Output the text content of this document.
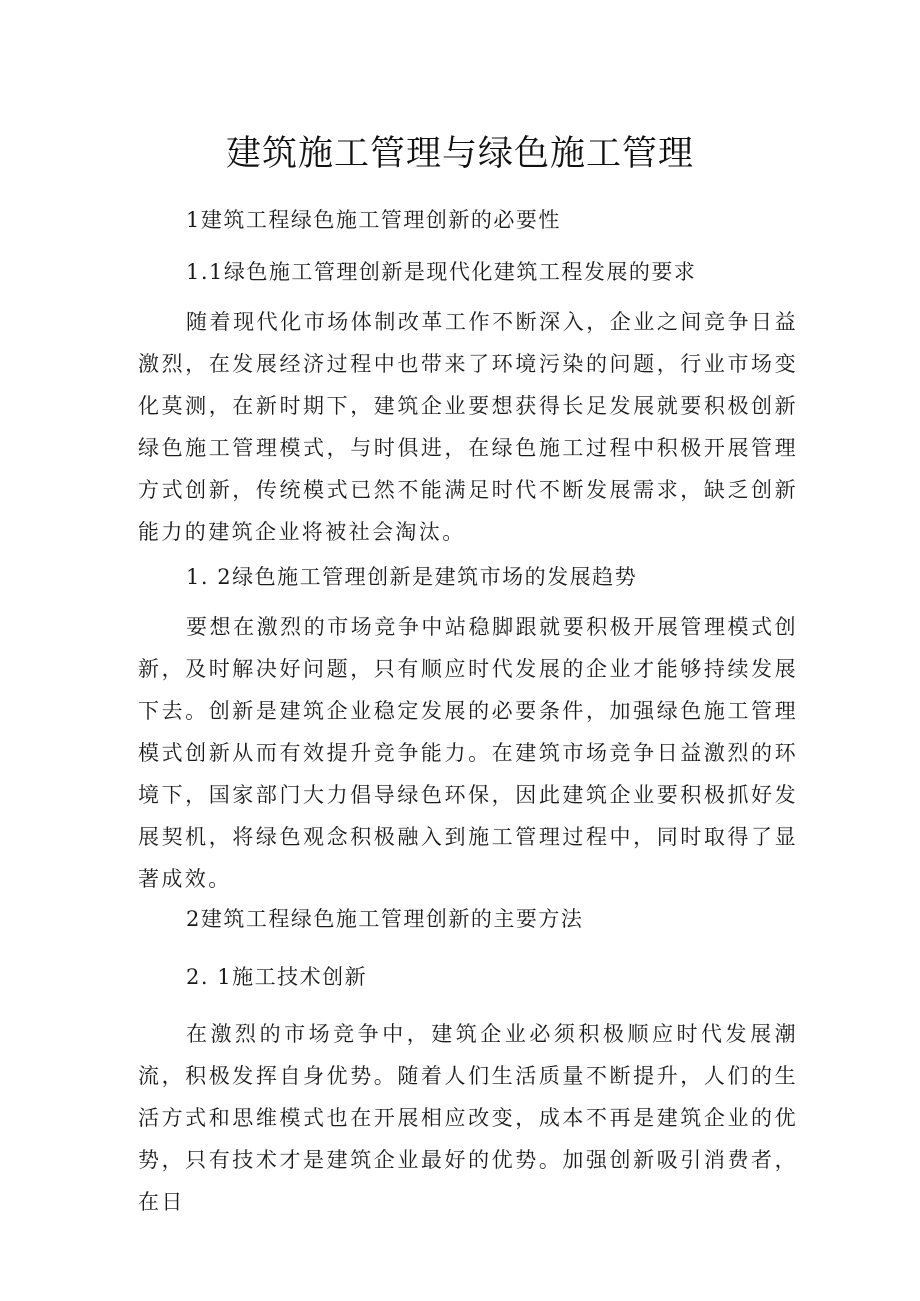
建筑施工管理与绿色施工管理
1建筑工程绿色施工管理创新的必要性
1.1绿色施工管理创新是现代化建筑工程发展的要求
随着现代化市场体制改革工作不断深入，企业之间竞争日益激烈，在发展经济过程中也带来了环境污染的问题，行业市场变化莫测，在新时期下，建筑企业要想获得长足发展就要积极创新绿色施工管理模式，与时俱进，在绿色施工过程中积极开展管理方式创新，传统模式已然不能满足时代不断发展需求，缺乏创新能力的建筑企业将被社会淘汰。
1. 2绿色施工管理创新是建筑市场的发展趋势
要想在激烈的市场竞争中站稳脚跟就要积极开展管理模式创新，及时解决好问题，只有顺应时代发展的企业才能够持续发展下去。创新是建筑企业稳定发展的必要条件，加强绿色施工管理模式创新从而有效提升竞争能力。在建筑市场竞争日益激烈的环境下，国家部门大力倡导绿色环保，因此建筑企业要积极抓好发展契机，将绿色观念积极融入到施工管理过程中，同时取得了显著成效。
2建筑工程绿色施工管理创新的主要方法
2. 1施工技术创新
在激烈的市场竞争中，建筑企业必须积极顺应时代发展潮流，积极发挥自身优势。随着人们生活质量不断提升，人们的生活方式和思维模式也在开展相应改变，成本不再是建筑企业的优势，只有技术才是建筑企业最好的优势。加强创新吸引消费者，在日
